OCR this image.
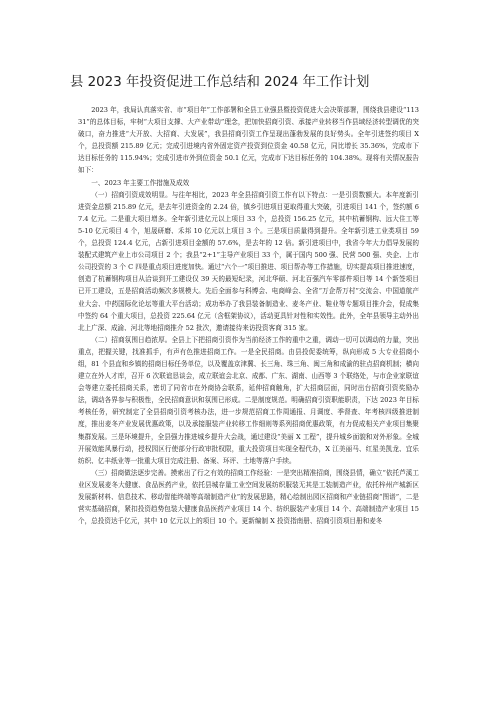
县 2023 年投资促进工作总结和 2024 年工作计划

2023 年，我局认真落实省、市“项目年”工作部署和全县工业强县暨投资促进大会决策部署，围绕我县建设“11331”的总体目标，牢树“大项目支撑、大产业带动”理念，把加快招商引资、承接产业转移当作县域经济转型调优的突破口，奋力推进“大开放、大招商、大发展”，我县招商引资工作呈现出蓬勃发展的良好势头。全年引进签约项目 X 个，总投资额 215.89 亿元；完成引进境内省外固定资产投资到位资金 40.58 亿元，同比增长 35.36%，完成市下达目标任务的 115.94%；完成引进市外到位资金 50.1 亿元，完成市下达目标任务的 104.38%。现将有关情况报告如下：

一、2023 年主要工作措施及成效

（一）招商引资成效明显。与往年相比，2023 年全县招商引资工作有以下特点：一是引资数额大。本年度新引进资金总额 215.89 亿元，是去年引进资金的 2.24 倍，镇乡引进项目更取得重大突破，引进项目 141 个，签约额 67.4 亿元。二是重大项目增多。全年新引进亿元以上项目 33 个，总投资 156.25 亿元，其中杭蓄钢构、远大住工等 5-10 亿元项目 4 个，旭晟研磨、禾邦 10 亿元以上项目 3 个。三是项目质量得到提升。全年新引进工业类项目 59 个，总投资 124.4 亿元，占新引进项目金额的 57.6%，是去年的 12 倍。新引进项目中，我省今年大力倡导发展的装配式建筑产业上市公司项目 2 个；我县“2+1”主导产业项目 33 个，属于国内 500 强、民营 500 强、央企、上市公司投资的 3 个 C 四是重点项目进度加快。通过“六个一”项目推进、项目帮办等工作措施，切实提高项目推进速度，创造了杭蓄钢构项目从洽谈到开工建设仅 39 天的最短纪录，河北华硕、河北百强汽车零部件项目等 14 个新签项目已开工建设，五是招商活动频次多规模大。先后全面参与科博会、电商峰会、全省“万企帮万村”交流会、中国道航产业大会、中药国际化论坛等重大平台活动；成功举办了我县装备制造业、麦冬产业、鞋业等专题项目推介会，促成集中签约 64 个重大项目，总投资 225.64 亿元（含框架协议），活动更具针对性和实效性。此外，全年县领导主动外出北上广深、成渝、河北等地招商推介 52 批次，邀请接待来访投资客商 315 家。

（二）招商氛围日趋浓厚。全县上下把招商引资作为当前经济工作的重中之重，调动一切可以调动的力量，突出重点，把握关键，找准抓手，有声有色推进招商工作。一是全民招商。由县投促委统筹，纵向形成 5 大专业招商小组，81 个县直和乡镇的招商目标任务单位，以及覆盖京津冀、长三角、珠三角、闽三角和成渝的驻点招商机制；横向建立在外人才库，召开 6 次联谊恳谈会，成立联谊会北京、成都、广东、湖南、山西等 3 个联络处，与市企业家联谊会等建立委托招商关系，密切了同省市在外商协会联系，延伸招商触角，扩大招商层面，同时出台招商引资奖励办法，调动各界参与积极性，全民招商意识和氛围已形成。二是制度规范。明确招商引资职能职责，下达 2023 年目标考核任务，研究制定了全县招商引资考核办法，进一步规范招商工作周通报、月调度、季督查、年考核四级推进制度，推出麦冬产业发展优惠政策，以及承接服装产业转移工作细则等系列招商优惠政策，有力促成相关产业项目集聚集群发展。三是环境提升，全县强力推进城乡提升大会战，通过建设“美丽 X 工程”，提升城乡面貌和对外形象。全城开展效能风暴行动，授权园区行使部分行政审批权限，重大投资项目实现全程代办，X 江美丽马、红星美凯龙、宜乐纺织、亿丰纸业等一批重大项目完成注册、备案、环评、土地等落户手续。

（三）招商做法逐步完善。摸索出了行之有效的招商工作经验：一是突出精准招商，围绕县情，确立“依托芦溪工业区发展麦冬大健康、食品医药产业，依托县城存量工业空间发展纺织服装无其是工装制造产业，依托梓州产城新区发展新材料、信息技术、移动智能终端等高端制造产业”的发展思路，精心绘制出园区招商和产业链招商“图谱”，二是营实基础招商，紧扣投资趋势包装大健康食品医药产业项目 14 个、纺织服装产业项目 14 个、高端制造产业项目 15 个，总投资达千亿元，其中 10 亿元以上的项目 10 个。更新编制 X 投资指南册、招商引资项目册和麦冬
